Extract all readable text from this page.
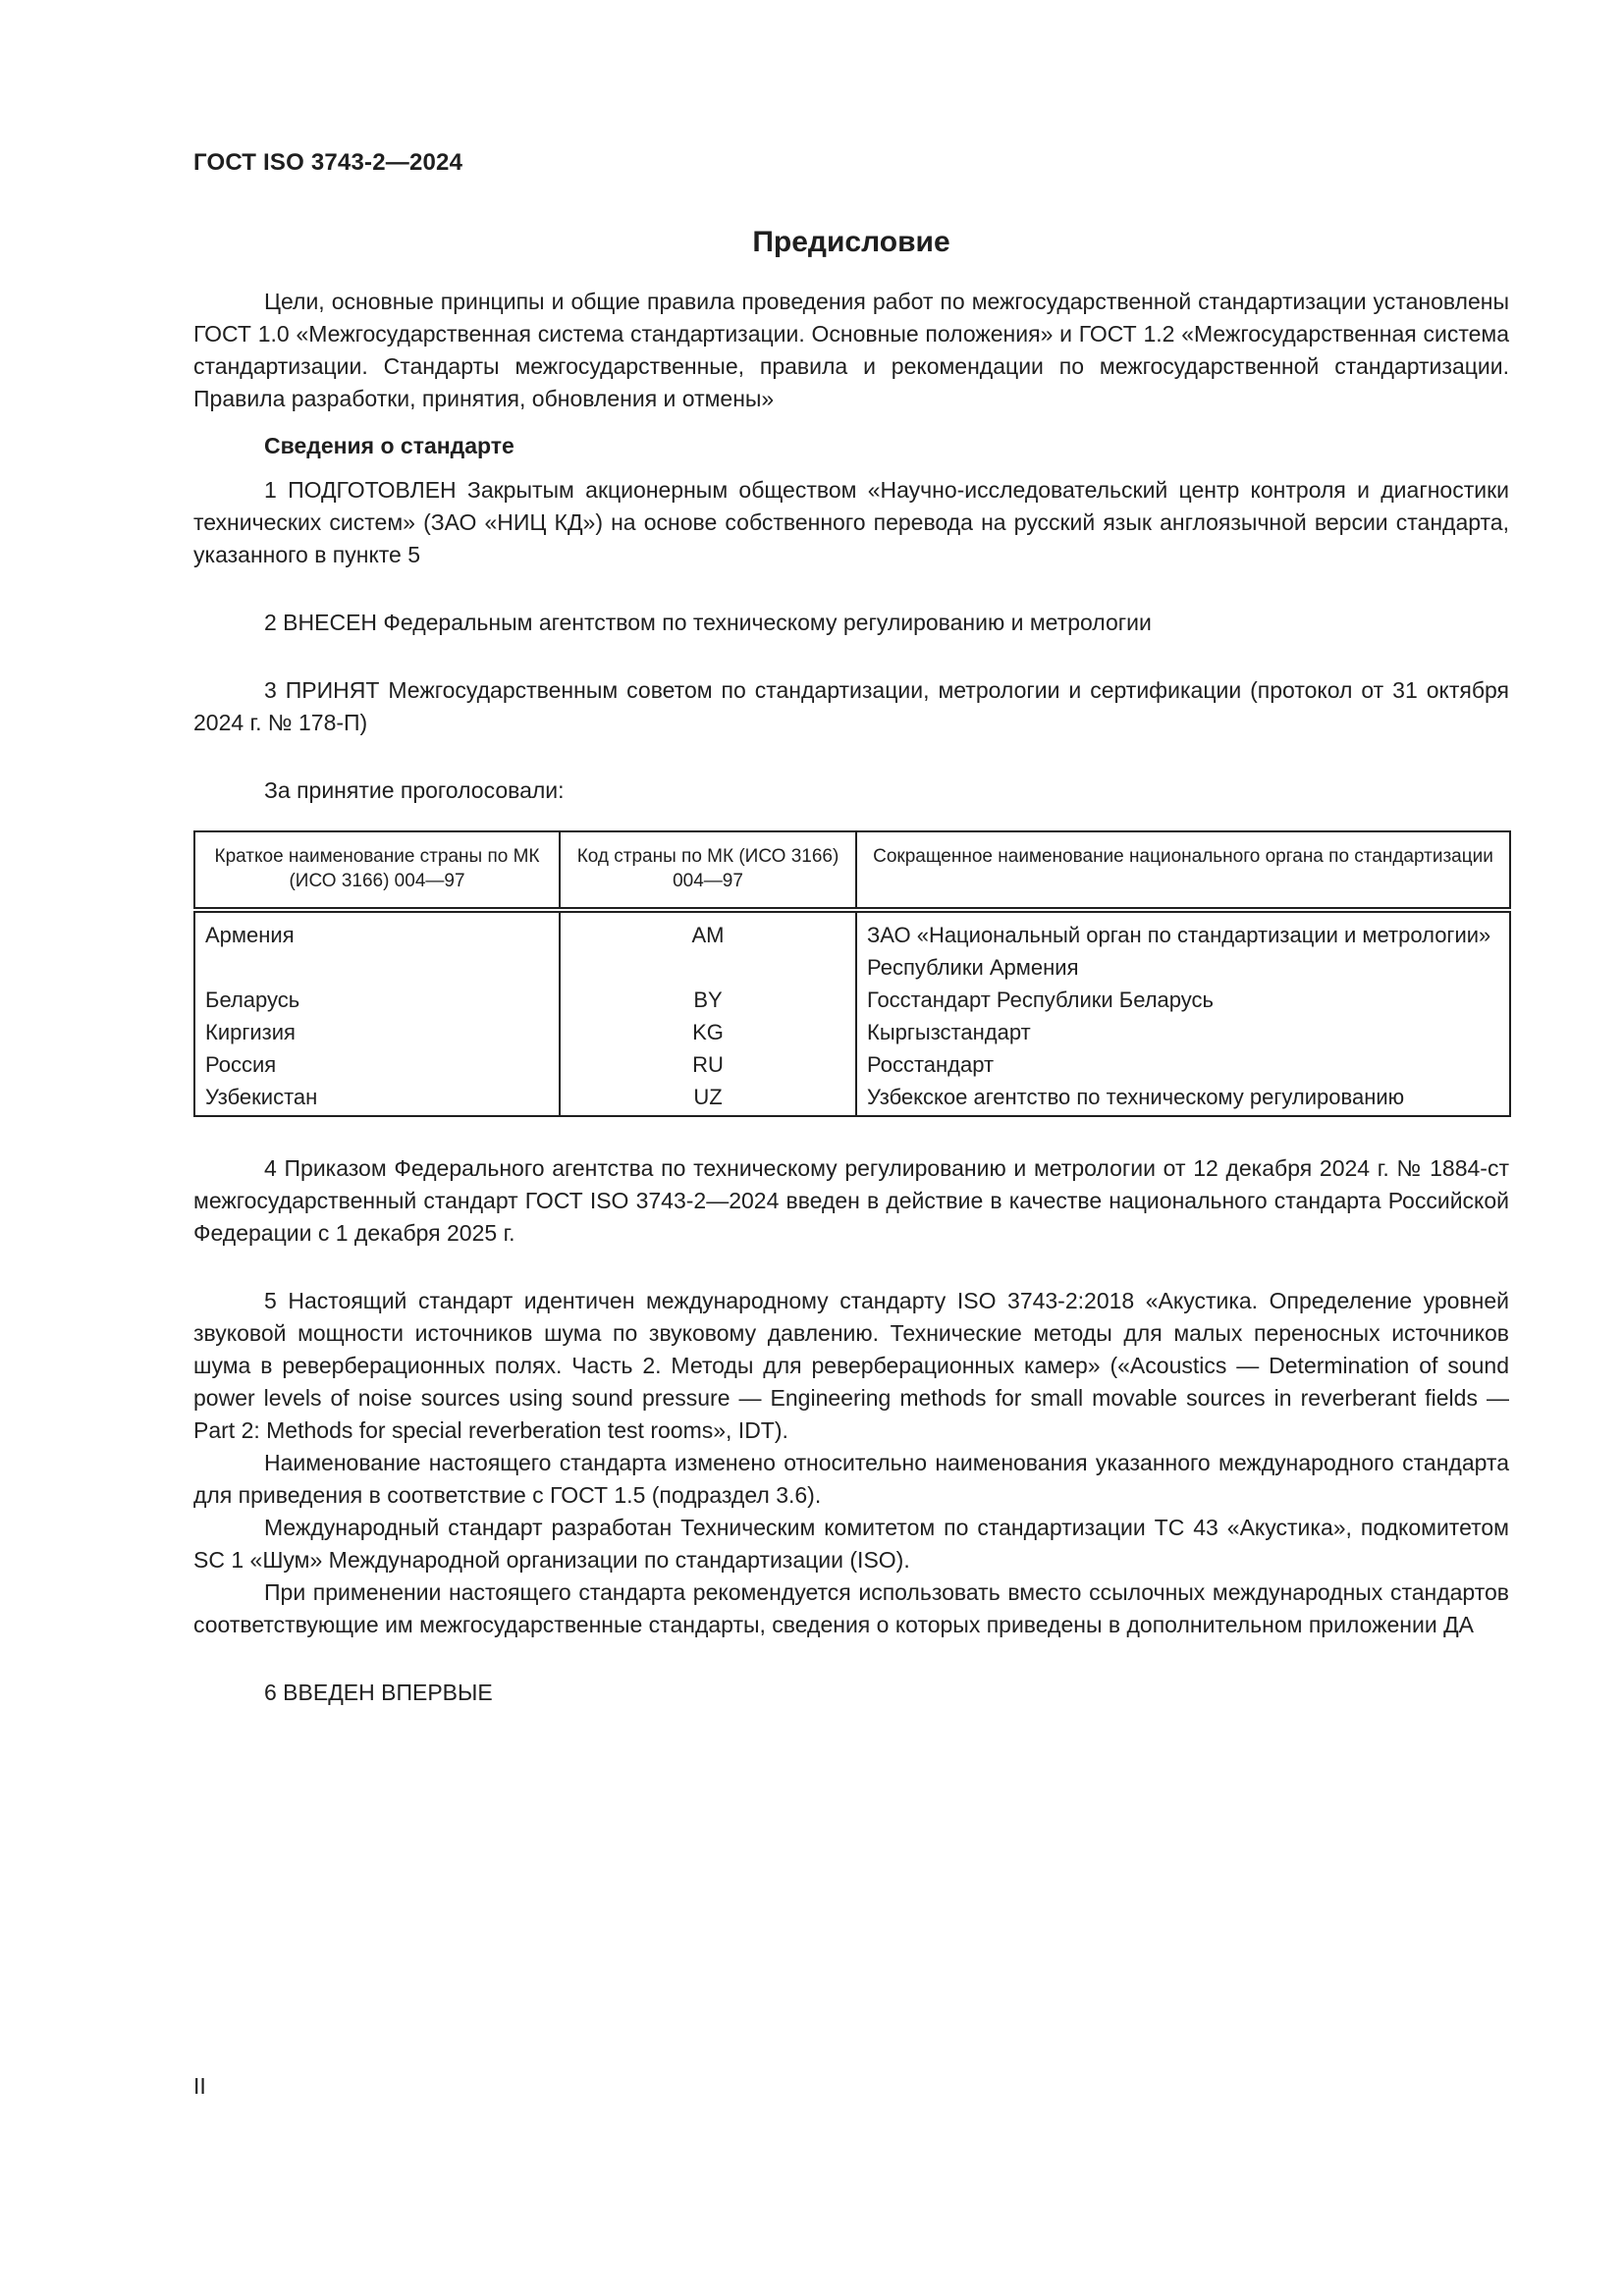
ГОСТ ISO 3743-2—2024
Предисловие

Цели, основные принципы и общие правила проведения работ по межгосударственной стандартизации установлены ГОСТ 1.0 «Межгосударственная система стандартизации. Основные положения» и ГОСТ 1.2 «Межгосударственная система стандартизации. Стандарты межгосударственные, правила и рекомендации по межгосударственной стандартизации. Правила разработки, принятия, обновления и отмены»

Сведения о стандарте

1 ПОДГОТОВЛЕН Закрытым акционерным обществом «Научно-исследовательский центр контроля и диагностики технических систем» (ЗАО «НИЦ КД») на основе собственного перевода на русский язык англоязычной версии стандарта, указанного в пункте 5

2 ВНЕСЕН Федеральным агентством по техническому регулированию и метрологии

3 ПРИНЯТ Межгосударственным советом по стандартизации, метрологии и сертификации (протокол от 31 октября 2024 г. № 178-П)

За принятие проголосовали:

Краткое наименование страны по МК (ИСО 3166) 004—97	Код страны по МК (ИСО 3166) 004—97	Сокращенное наименование национального органа по стандартизации
Армения	AM	ЗАО «Национальный орган по стандартизации и метрологии» Республики Армения
Беларусь	BY	Госстандарт Республики Беларусь
Киргизия	KG	Кыргызстандарт
Россия	RU	Росстандарт
Узбекистан	UZ	Узбекское агентство по техническому регулированию

4 Приказом Федерального агентства по техническому регулированию и метрологии от 12 декабря 2024 г. № 1884-ст межгосударственный стандарт ГОСТ ISO 3743-2—2024 введен в действие в качестве национального стандарта Российской Федерации с 1 декабря 2025 г.

5 Настоящий стандарт идентичен международному стандарту ISO 3743-2:2018 «Акустика. Определение уровней звуковой мощности источников шума по звуковому давлению. Технические методы для малых переносных источников шума в реверберационных полях. Часть 2. Методы для реверберационных камер» («Acoustics — Determination of sound power levels of noise sources using sound pressure — Engineering methods for small movable sources in reverberant fields — Part 2: Methods for special reverberation test rooms», IDT).

Наименование настоящего стандарта изменено относительно наименования указанного международного стандарта для приведения в соответствие с ГОСТ 1.5 (подраздел 3.6).

Международный стандарт разработан Техническим комитетом по стандартизации ТС 43 «Акустика», подкомитетом SC 1 «Шум» Международной организации по стандартизации (ISO).

При применении настоящего стандарта рекомендуется использовать вместо ссылочных международных стандартов соответствующие им межгосударственные стандарты, сведения о которых приведены в дополнительном приложении ДА

6 ВВЕДЕН ВПЕРВЫЕ

II
